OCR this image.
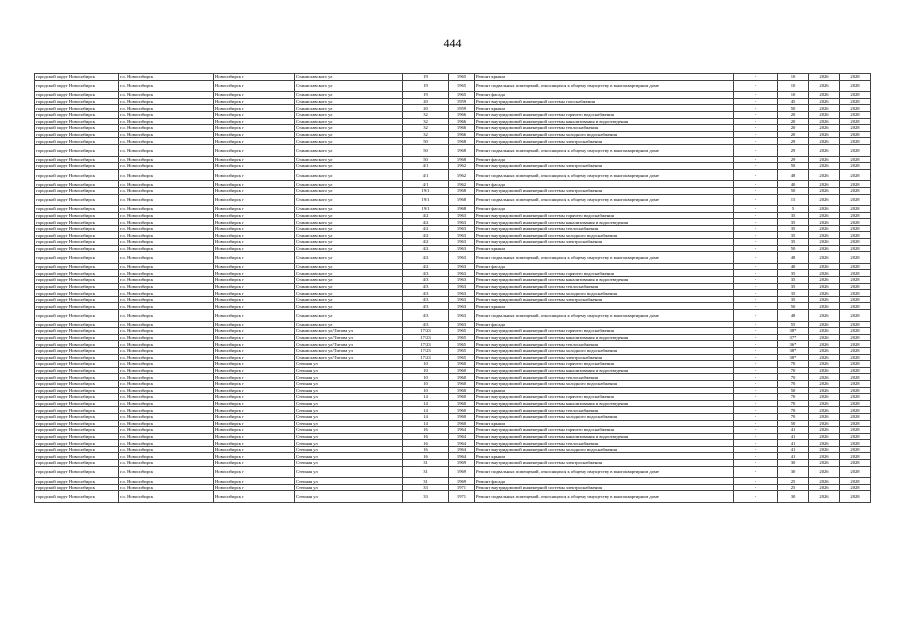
444
городской округ Новосибирск	г.о. Новосибирск	Новосибирск г	Станиславского ул	19	1965	Ремонт крыши	-	10	2026	2028
городской округ Новосибирск	г.о. Новосибирск	Новосибирск г	Станиславского ул	19	1965	Ремонт подвальных помещений, относящихся к общему имуществу в многоквартирном доме	-	10	2026	2028
городской округ Новосибирск	г.о. Новосибирск	Новосибирск г	Станиславского ул	19	1965	Ремонт фасада	-	10	2026	2028
городской округ Новосибирск	г.о. Новосибирск	Новосибирск г	Станиславского ул	20	1959	Ремонт внутридомовой инженерной системы газоснабжения	-	45	2026	2028
городской округ Новосибирск	г.о. Новосибирск	Новосибирск г	Станиславского ул	20	1959	Ремонт крыши	-	50	2026	2028
городской округ Новосибирск	г.о. Новосибирск	Новосибирск г	Станиславского ул	32	1966	Ремонт внутридомовой инженерной системы горячего водоснабжения	-	20	2026	2028
городской округ Новосибирск	г.о. Новосибирск	Новосибирск г	Станиславского ул	32	1966	Ремонт внутридомовой инженерной системы канализования и водоотведения	-	20	2026	2028
городской округ Новосибирск	г.о. Новосибирск	Новосибирск г	Станиславского ул	32	1966	Ремонт внутридомовой инженерной системы теплоснабжения	-	20	2026	2028
городской округ Новосибирск	г.о. Новосибирск	Новосибирск г	Станиславского ул	32	1966	Ремонт внутридомовой инженерной системы холодного водоснабжения	-	20	2026	2028
городской округ Новосибирск	г.о. Новосибирск	Новосибирск г	Станиславского ул	50	1968	Ремонт внутридомовой инженерной системы электроснабжения	-	29	2026	2028
городской округ Новосибирск	г.о. Новосибирск	Новосибирск г	Станиславского ул	50	1968	Ремонт подвальных помещений, относящихся к общему имуществу в многоквартирном доме	-	29	2026	2028
городской округ Новосибирск	г.о. Новосибирск	Новосибирск г	Станиславского ул	50	1968	Ремонт фасада	-	29	2026	2028
городской округ Новосибирск	г.о. Новосибирск	Новосибирск г	Станиславского ул	4/1	1962	Ремонт внутридомовой инженерной системы электроснабжения	-	50	2026	2028
городской округ Новосибирск	г.о. Новосибирск	Новосибирск г	Станиславского ул	4/1	1962	Ремонт подвальных помещений, относящихся к общему имуществу в многоквартирном доме	-	48	2026	2028
городской округ Новосибирск	г.о. Новосибирск	Новосибирск г	Станиславского ул	4/1	1962	Ремонт фасада	-	40	2026	2028
городской округ Новосибирск	г.о. Новосибирск	Новосибирск г	Станиславского ул	19/1	1968	Ремонт внутридомовой инженерной системы электроснабжения	-	50	2026	2028
городской округ Новосибирск	г.о. Новосибирск	Новосибирск г	Станиславского ул	19/1	1968	Ремонт подвальных помещений, относящихся к общему имуществу в многоквартирном доме	-	15	2026	2028
городской округ Новосибирск	г.о. Новосибирск	Новосибирск г	Станиславского ул	19/1	1968	Ремонт фасада	-	5	2026	2028
городской округ Новосибирск	г.о. Новосибирск	Новосибирск г	Станиславского ул	4/2	1963	Ремонт внутридомовой инженерной системы горячего водоснабжения	-	35	2026	2028
городской округ Новосибирск	г.о. Новосибирск	Новосибирск г	Станиславского ул	4/2	1963	Ремонт внутридомовой инженерной системы канализования и водоотведения	-	35	2026	2028
городской округ Новосибирск	г.о. Новосибирск	Новосибирск г	Станиславского ул	4/2	1963	Ремонт внутридомовой инженерной системы теплоснабжения	-	35	2026	2028
городской округ Новосибирск	г.о. Новосибирск	Новосибирск г	Станиславского ул	4/2	1963	Ремонт внутридомовой инженерной системы холодного водоснабжения	-	35	2026	2028
городской округ Новосибирск	г.о. Новосибирск	Новосибирск г	Станиславского ул	4/2	1963	Ремонт внутридомовой инженерной системы электроснабжения	-	35	2026	2028
городской округ Новосибирск	г.о. Новосибирск	Новосибирск г	Станиславского ул	4/2	1963	Ремонт крыши	-	50	2026	2028
городской округ Новосибирск	г.о. Новосибирск	Новосибирск г	Станиславского ул	4/2	1963	Ремонт подвальных помещений, относящихся к общему имуществу в многоквартирном доме	-	48	2026	2028
городской округ Новосибирск	г.о. Новосибирск	Новосибирск г	Станиславского ул	4/2	1963	Ремонт фасада	-	40	2026	2028
городской округ Новосибирск	г.о. Новосибирск	Новосибирск г	Станиславского ул	4/3	1963	Ремонт внутридомовой инженерной системы горячего водоснабжения	-	35	2026	2028
городской округ Новосибирск	г.о. Новосибирск	Новосибирск г	Станиславского ул	4/3	1963	Ремонт внутридомовой инженерной системы канализования и водоотведения	-	35	2026	2028
городской округ Новосибирск	г.о. Новосибирск	Новосибирск г	Станиславского ул	4/3	1963	Ремонт внутридомовой инженерной системы теплоснабжения	-	35	2026	2028
городской округ Новосибирск	г.о. Новосибирск	Новосибирск г	Станиславского ул	4/3	1963	Ремонт внутридомовой инженерной системы холодного водоснабжения	-	35	2026	2028
городской округ Новосибирск	г.о. Новосибирск	Новосибирск г	Станиславского ул	4/3	1963	Ремонт внутридомовой инженерной системы электроснабжения	-	35	2026	2028
городской округ Новосибирск	г.о. Новосибирск	Новосибирск г	Станиславского ул	4/3	1963	Ремонт крыши	-	50	2026	2028
городской округ Новосибирск	г.о. Новосибирск	Новосибирск г	Станиславского ул	4/3	1963	Ремонт подвальных помещений, относящихся к общему имуществу в многоквартирном доме	-	48	2026	2028
городской округ Новосибирск	г.о. Новосибирск	Новосибирск г	Станиславского ул	4/3	1963	Ремонт фасада	-	55	2026	2028
городской округ Новосибирск	г.о. Новосибирск	Новосибирск г	Станиславского ул/Титова ул	17/23	1965	Ремонт внутридомовой инженерной системы горячего водоснабжения	-	38*	2026	2028
городской округ Новосибирск	г.о. Новосибирск	Новосибирск г	Станиславского ул/Титова ул	17/23	1965	Ремонт внутридомовой инженерной системы канализования и водоотведения	-	37*	2026	2028
городской округ Новосибирск	г.о. Новосибирск	Новосибирск г	Станиславского ул/Титова ул	17/23	1965	Ремонт внутридомовой инженерной системы теплоснабжения	-	36*	2026	2028
городской округ Новосибирск	г.о. Новосибирск	Новосибирск г	Станиславского ул/Титова ул	17/23	1965	Ремонт внутридомовой инженерной системы холодного водоснабжения	-	38*	2026	2028
городской округ Новосибирск	г.о. Новосибирск	Новосибирск г	Станиславского ул/Титова ул	17/23	1965	Ремонт внутридомовой инженерной системы электроснабжения	-	38*	2026	2028
городской округ Новосибирск	г.о. Новосибирск	Новосибирск г	Степная ул	10	1960	Ремонт внутридомовой инженерной системы горячего водоснабжения	-	70	2026	2028
городской округ Новосибирск	г.о. Новосибирск	Новосибирск г	Степная ул	10	1960	Ремонт внутридомовой инженерной системы канализования и водоотведения	-	70	2026	2028
городской округ Новосибирск	г.о. Новосибирск	Новосибирск г	Степная ул	10	1960	Ремонт внутридомовой инженерной системы теплоснабжения	-	70	2026	2028
городской округ Новосибирск	г.о. Новосибирск	Новосибирск г	Степная ул	10	1960	Ремонт внутридомовой инженерной системы холодного водоснабжения	-	70	2026	2028
городской округ Новосибирск	г.о. Новосибирск	Новосибирск г	Степная ул	10	1960	Ремонт крыши	-	50	2026	2028
городской округ Новосибирск	г.о. Новосибирск	Новосибирск г	Степная ул	14	1960	Ремонт внутридомовой инженерной системы горячего водоснабжения	-	70	2026	2028
городской округ Новосибирск	г.о. Новосибирск	Новосибирск г	Степная ул	14	1960	Ремонт внутридомовой инженерной системы канализования и водоотведения	-	70	2026	2028
городской округ Новосибирск	г.о. Новосибирск	Новосибирск г	Степная ул	14	1960	Ремонт внутридомовой инженерной системы теплоснабжения	-	70	2026	2028
городской округ Новосибирск	г.о. Новосибирск	Новосибирск г	Степная ул	14	1960	Ремонт внутридомовой инженерной системы холодного водоснабжения	-	70	2026	2028
городской округ Новосибирск	г.о. Новосибирск	Новосибирск г	Степная ул	14	1960	Ремонт крыши	-	50	2026	2028
городской округ Новосибирск	г.о. Новосибирск	Новосибирск г	Степная ул	16	1964	Ремонт внутридомовой инженерной системы горячего водоснабжения	-	41	2026	2028
городской округ Новосибирск	г.о. Новосибирск	Новосибирск г	Степная ул	16	1964	Ремонт внутридомовой инженерной системы канализования и водоотведения	-	41	2026	2028
городской округ Новосибирск	г.о. Новосибирск	Новосибирск г	Степная ул	16	1964	Ремонт внутридомовой инженерной системы теплоснабжения	-	41	2026	2028
городской округ Новосибирск	г.о. Новосибирск	Новосибирск г	Степная ул	16	1964	Ремонт внутридомовой инженерной системы холодного водоснабжения	-	41	2026	2028
городской округ Новосибирск	г.о. Новосибирск	Новосибирск г	Степная ул	16	1964	Ремонт крыши	-	41	2026	2028
городской округ Новосибирск	г.о. Новосибирск	Новосибирск г	Степная ул	31	1969	Ремонт внутридомовой инженерной системы электроснабжения	-	30	2026	2028
городской округ Новосибирск	г.о. Новосибирск	Новосибирск г	Степная ул	31	1969	Ремонт подвальных помещений, относящихся к общему имуществу в многоквартирном доме	-	30	2026	2028
городской округ Новосибирск	г.о. Новосибирск	Новосибирск г	Степная ул	31	1969	Ремонт фасада	-	25	2026	2028
городской округ Новосибирск	г.о. Новосибирск	Новосибирск г	Степная ул	33	1971	Ремонт внутридомовой инженерной системы электроснабжения	-	25	2026	2028
городской округ Новосибирск	г.о. Новосибирск	Новосибирск г	Степная ул	33	1971	Ремонт подвальных помещений, относящихся к общему имуществу в многоквартирном доме	-	30	2026	2028
